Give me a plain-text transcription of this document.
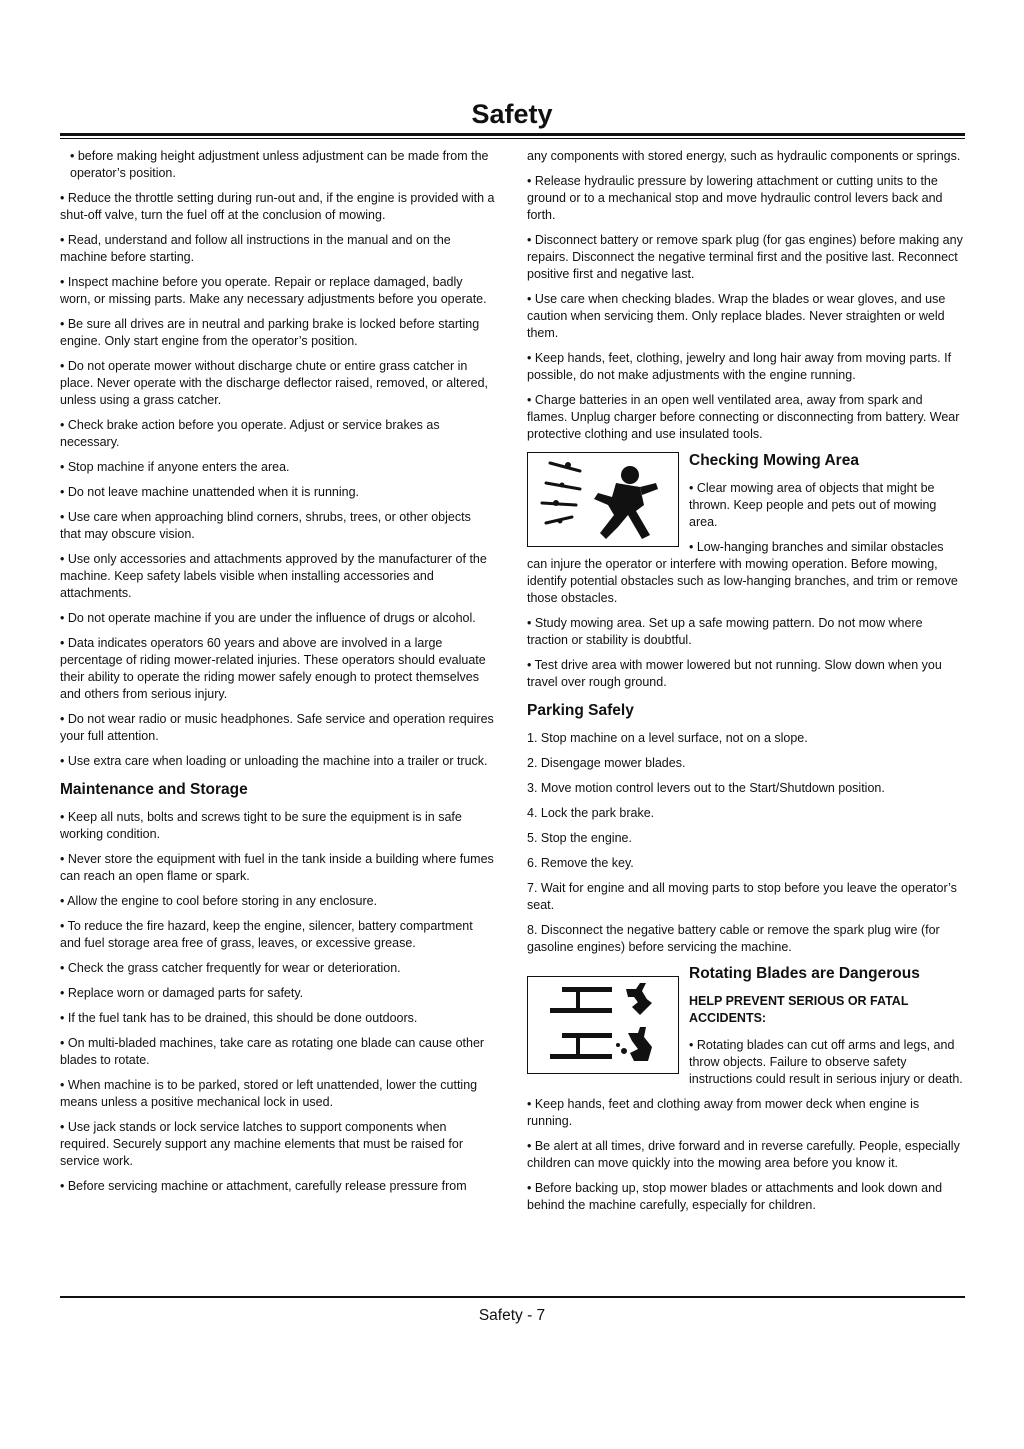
Safety

• before making height adjustment unless adjustment can be made from the operator’s position.

• Reduce the throttle setting during run-out and, if the engine is provided with a shut-off valve, turn the fuel off at the conclusion of mowing.

• Read, understand and follow all instructions in the manual and on the machine before starting.

• Inspect machine before you operate. Repair or replace damaged, badly worn, or missing parts. Make any necessary adjustments before you operate.

• Be sure all drives are in neutral and parking brake is locked before starting engine. Only start engine from the operator’s position.

• Do not operate mower without discharge chute or entire grass catcher in place. Never operate with the discharge deflector raised, removed, or altered, unless using a grass catcher.

• Check brake action before you operate. Adjust or service brakes as necessary.

• Stop machine if anyone enters the area.

• Do not leave machine unattended when it is running.

• Use care when approaching blind corners, shrubs, trees, or other objects that may obscure vision.

• Use only accessories and attachments approved by the manufacturer of the machine. Keep safety labels visible when installing accessories and attachments.

• Do not operate machine if you are under the influence of drugs or alcohol.

• Data indicates operators 60 years and above are involved in a large percentage of riding mower-related injuries. These operators should evaluate their ability to operate the riding mower safely enough to protect themselves and others from serious injury.

• Do not wear radio or music headphones. Safe service and operation requires your full attention.

• Use extra care when loading or unloading the machine into a trailer or truck.

Maintenance and Storage

• Keep all nuts, bolts and screws tight to be sure the equipment is in safe working condition.

• Never store the equipment with fuel in the tank inside a building where fumes can reach an open flame or spark.

• Allow the engine to cool before storing in any enclosure.

• To reduce the fire hazard, keep the engine, silencer, battery compartment and fuel storage area free of grass, leaves, or excessive grease.

• Check the grass catcher frequently for wear or deterioration.

• Replace worn or damaged parts for safety.

• If the fuel tank has to be drained, this should be done outdoors.

• On multi-bladed machines, take care as rotating one blade can cause other blades to rotate.

• When machine is to be parked, stored or left unattended, lower the cutting means unless a positive mechanical lock in used.

• Use jack stands or lock service latches to support components when required. Securely support any machine elements that must be raised for service work.

• Before servicing machine or attachment, carefully release pressure from

any components with stored energy, such as hydraulic components or springs.

• Release hydraulic pressure by lowering attachment or cutting units to the ground or to a mechanical stop and move hydraulic control levers back and forth.

• Disconnect battery or remove spark plug (for gas engines) before making any repairs. Disconnect the negative terminal first and the positive last. Reconnect positive first and negative last.

• Use care when checking blades. Wrap the blades or wear gloves, and use caution when servicing them. Only replace blades. Never straighten or weld them.

• Keep hands, feet, clothing, jewelry and long hair away from moving parts. If possible, do not make adjustments with the engine running.

• Charge batteries in an open well ventilated area, away from spark and flames. Unplug charger before connecting or disconnecting from battery. Wear protective clothing and use insulated tools.

Checking Mowing Area

• Clear mowing area of objects that might be thrown. Keep people and pets out of mowing area.

• Low-hanging branches and similar obstacles can injure the operator or interfere with mowing operation. Before mowing, identify potential obstacles such as low-hanging branches, and trim or remove those obstacles.

• Study mowing area. Set up a safe mowing pattern. Do not mow where traction or stability is doubtful.

• Test drive area with mower lowered but not running. Slow down when you travel over rough ground.

Parking Safely

1. Stop machine on a level surface, not on a slope.

2. Disengage mower blades.

3. Move motion control levers out to the Start/Shutdown position.

4. Lock the park brake.

5. Stop the engine.

6. Remove the key.

7. Wait for engine and all moving parts to stop before you leave the operator’s seat.

8. Disconnect the negative battery cable or remove the spark plug wire (for gasoline engines) before servicing the machine.

Rotating Blades are Dangerous
HELP PREVENT SERIOUS OR FATAL ACCIDENTS:

• Rotating blades can cut off arms and legs, and throw objects. Failure to observe safety instructions could result in serious injury or death.

• Keep hands, feet and clothing away from mower deck when engine is running.

• Be alert at all times, drive forward and in reverse carefully. People, especially children can move quickly into the mowing area before you know it.

• Before backing up, stop mower blades or attachments and look down and behind the machine carefully, especially for children.

Safety - 7
